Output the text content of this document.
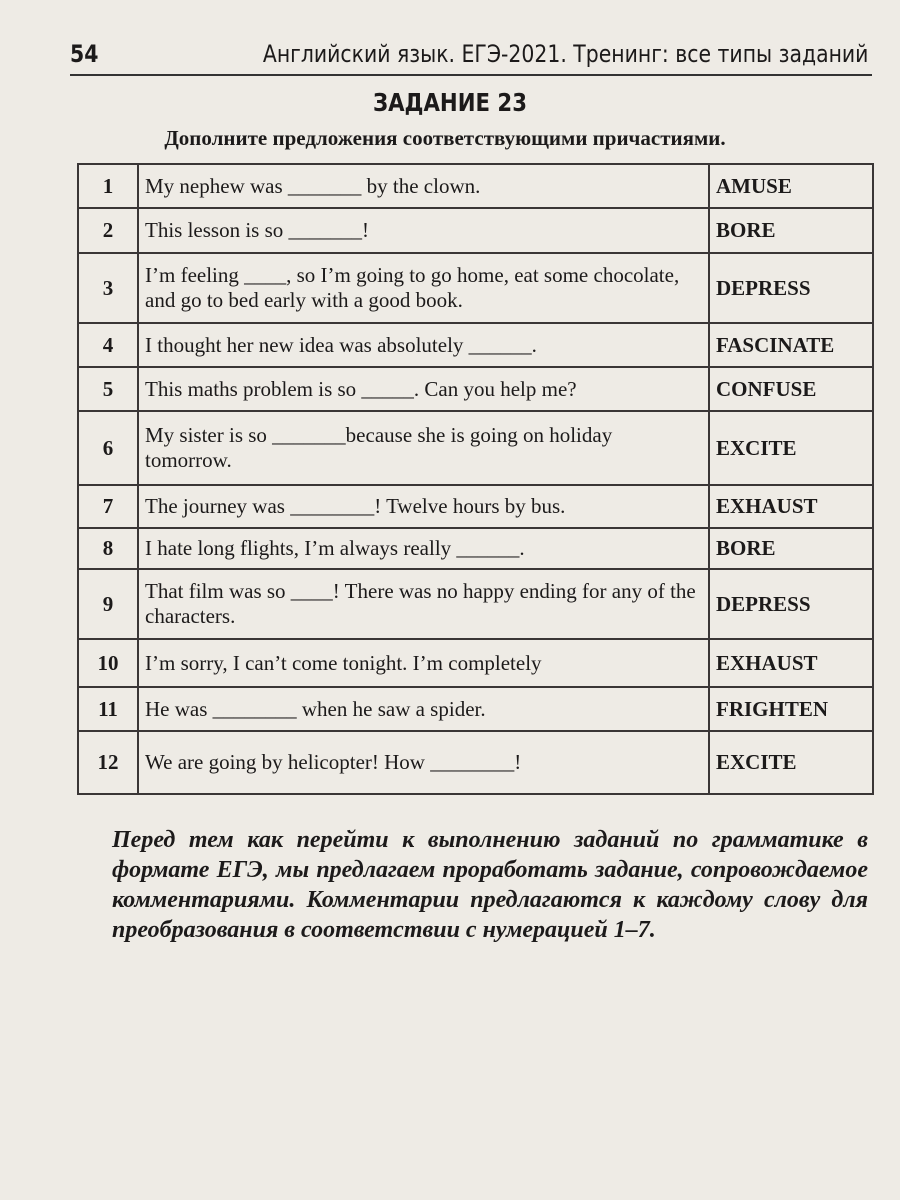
54	Английский язык. ЕГЭ-2021. Тренинг: все типы заданий
ЗАДАНИЕ 23
Дополните предложения соответствующими причастиями.
1	My nephew was _______ by the clown.	AMUSE
2	This lesson is so _______!	BORE
3	I’m feeling ____, so I’m going to go home, eat some chocolate, and go to bed early with a good book.	DEPRESS
4	I thought her new idea was absolutely ______.	FASCINATE
5	This maths problem is so _____. Can you help me?	CONFUSE
6	My sister is so _______because she is going on holiday tomorrow.	EXCITE
7	The journey was ________! Twelve hours by bus.	EXHAUST
8	I hate long flights, I’m always really ______.	BORE
9	That film was so ____! There was no happy ending for any of the characters.	DEPRESS
10	I’m sorry, I can’t come tonight. I’m completely	EXHAUST
11	He was ________ when he saw a spider.	FRIGHTEN
12	We are going by helicopter! How ________!	EXCITE
Перед тем как перейти к выполнению заданий по грамматике в формате ЕГЭ, мы предлагаем проработать задание, сопровождаемое комментариями. Комментарии предлагаются к каждому слову для преобразования в соответствии с нумерацией 1–7.
